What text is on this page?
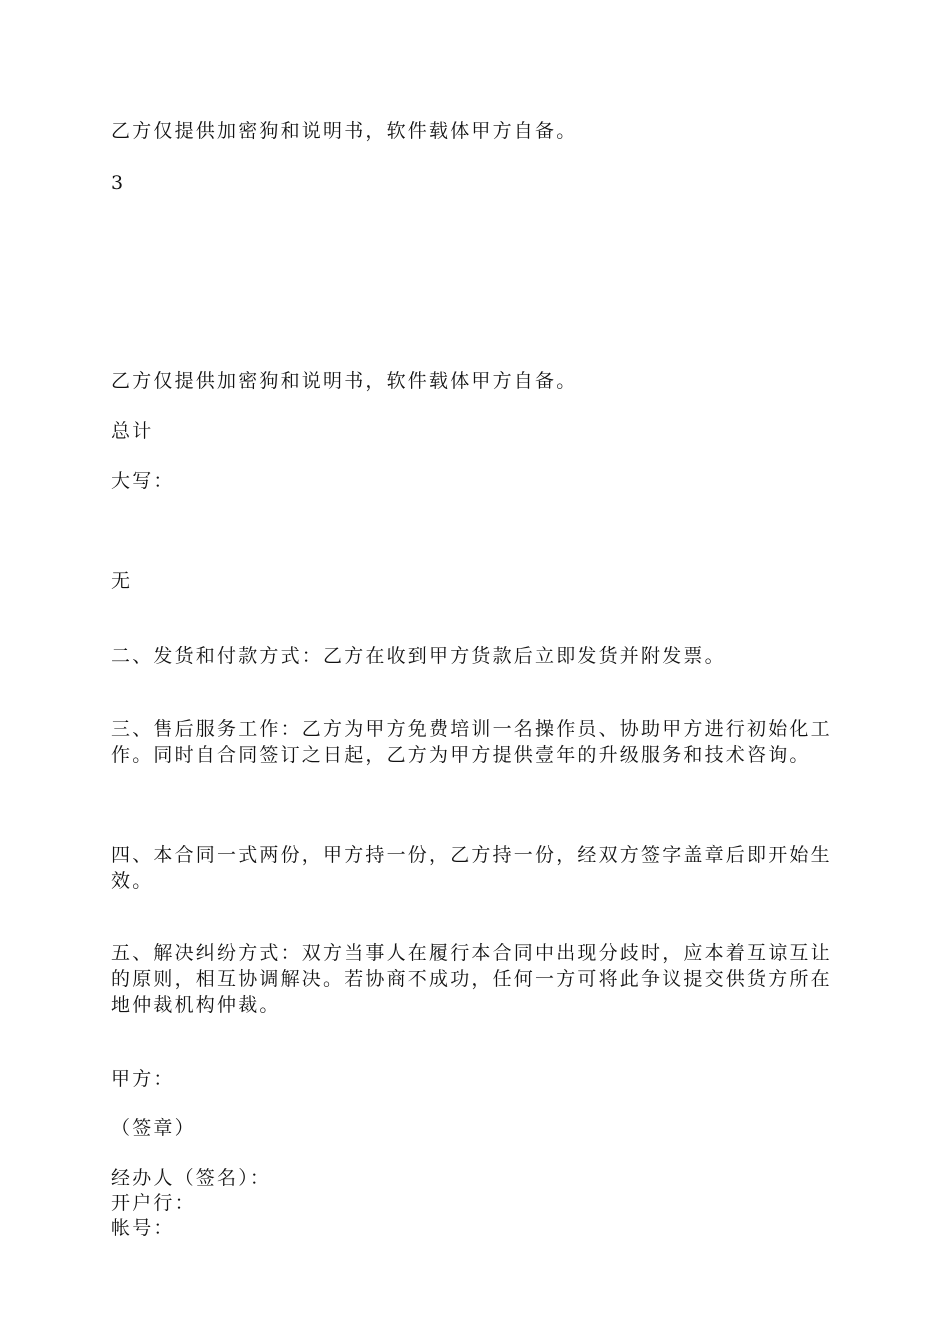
乙方仅提供加密狗和说明书，软件载体甲方自备。

3

乙方仅提供加密狗和说明书，软件载体甲方自备。

总计

大写：

无

二、发货和付款方式：乙方在收到甲方货款后立即发货并附发票。

三、售后服务工作：乙方为甲方免费培训一名操作员、协助甲方进行初始化工作。同时自合同签订之日起，乙方为甲方提供壹年的升级服务和技术咨询。

四、本合同一式两份，甲方持一份，乙方持一份，经双方签字盖章后即开始生效。

五、解决纠纷方式：双方当事人在履行本合同中出现分歧时，应本着互谅互让的原则，相互协调解决。若协商不成功，任何一方可将此争议提交供货方所在地仲裁机构仲裁。

甲方：

（签章）

经办人（签名）：

开户行：

帐号：
